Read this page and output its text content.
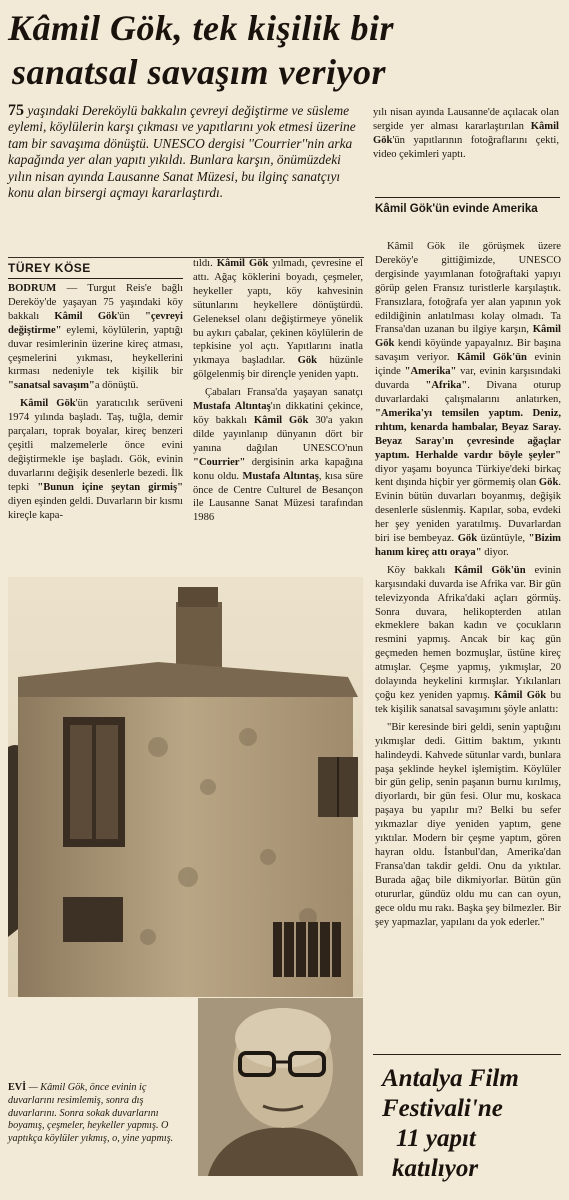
Kâmil Gök, tek kişilik bir
sanatsal savaşım veriyor

75 yaşındaki Dereköylü bakkalın çevreyi değiştirme ve süsleme eylemi, köylülerin karşı çıkması ve yapıtlarını yok etmesi üzerine tam bir savaşıma dönüştü. UNESCO dergisi ''Courrier''nin arka kapağında yer alan yapıtı yıkıldı. Bunlara karşın, önümüzdeki yılın nisan ayında Lausanne Sanat Müzesi, bu ilginç sanatçıyı konu alan birsergi açmayı kararlaştırdı.

TÜREY KÖSE

BODRUM — Turgut Reis'e bağlı Dereköy'de yaşayan 75 yaşındaki köy bakkalı Kâmil Gök'ün "çevreyi değiştirme" eylemi, köylülerin, yaptığı duvar resimlerinin üzerine kireç atması, çeşmelerini yıkması, heykellerini kırması nedeniyle tek kişilik bir "sanatsal savaşım"a dönüştü.

Kâmil Gök'ün yaratıcılık serüveni 1974 yılında başladı. Taş, tuğla, demir parçaları, toprak boyalar, kireç benzeri çeşitli malzemelerle önce evini değiştirmekle işe başladı. Gök, evinin duvarlarını değişik desenlerle bezedi. İlk tepki "Bunun içine şeytan girmiş" diyen eşinden geldi. Duvarların bir kısmı kireçle kapa-

tıldı. Kâmil Gök yılmadı, çevresine el attı. Ağaç köklerini boyadı, çeşmeler, heykeller yaptı, köy kahvesinin sütunlarını heykellere dönüştürdü. Geleneksel olanı değiştirmeye yönelik bu aykırı çabalar, çekinen köylülerin de tepkisine yol açtı. Yapıtlarını inatla yıkmaya başladılar. Gök hüzünle gölgelenmiş bir dirençle yeniden yaptı.

Çabaları Fransa'da yaşayan sanatçı Mustafa Altıntaş'ın dikkatini çekince, köy bakkalı Kâmil Gök 30'a yakın dilde yayınlanıp dünyanın dört bir yanına dağılan UNESCO'nun "Courrier" dergisinin arka kapağına konu oldu. Mustafa Altıntaş, kısa süre önce de Centre Culturel de Besançon ile Lausanne Sanat Müzesi tarafından 1986

yılı nisan ayında Lausanne'de açılacak olan sergide yer alması kararlaştırılan Kâmil Gök'ün yapıtlarının fotoğraflarını çekti, video çekimleri yaptı.

Kâmil Gök'ün evinde Amerika

Kâmil Gök ile görüşmek üzere Dereköy'e gittiğimizde, UNESCO dergisinde yayımlanan fotoğraftaki yapıyı görüp gelen Fransız turistlerle karşılaştık. Fransızlara, fotoğrafa yer alan yapının yok edildiğinin anlatılması kolay olmadı. Ta Fransa'dan uzanan bu ilgiye karşın, Kâmil Gök kendi köyünde yapayalnız. Bir başına savaşım veriyor. Kâmil Gök'ün evinin içinde "Amerika" var, evinin karşısındaki duvarda "Afrika". Divana oturup duvarlardaki çalışmalarını anlatırken, "Amerika'yı temsilen yaptım. Deniz, rıhtım, kenarda hambalar, Beyaz Saray. Beyaz Saray'ın çevresinde ağaçlar yaptım. Herhalde vardır böyle şeyler" diyor yaşamı boyunca Türkiye'deki birkaç kent dışında hiçbir yer görmemiş olan Gök. Evinin bütün duvarları boyanmış, değişik desenlerle süslenmiş. Kapılar, soba, evdeki her şey yeniden yaratılmış. Duvarlardan biri ise bembeyaz. Gök üzüntüyle, "Bizim hanım kireç attı oraya" diyor.

Köy bakkalı Kâmil Gök'ün evinin karşısındaki duvarda ise Afrika var. Bir gün televizyonda Afrika'daki açları görmüş. Sonra duvara, helikopterden atılan ekmeklere bakan kadın ve çocukların resmini yapmış. Ancak bir kaç gün geçmeden hemen bozmuşlar, üstüne kireç atmışlar. Çeşme yapmış, yıkmışlar, 20 dolayında heykelini kırmışlar. Yıkılanları çoğu kez yeniden yapmış. Kâmil Gök bu tek kişilik sanatsal savaşımını şöyle anlattı:

"Bir keresinde biri geldi, senin yaptığını yıkmışlar dedi. Gittim baktım, yıkıntı halindeydi. Kahvede sütunlar vardı, bunlara paşa şeklinde heykel işlemiştim. Köylüler bir gün gelip, senin paşanın burnu kırılmış, diyorlardı, bir gün fesi. Olur mu, koskaca paşaya bu yapılır mı? Belki bu sefer yıkmazlar diye yeniden yaptım, gene yıktılar. Modern bir çeşme yaptım, gören hayran oldu. İstanbul'dan, Amerika'dan Fransa'dan takdir geldi. Onu da yıktılar. Burada ağaç bile dikmiyorlar. Bütün gün otururlar, gündüz oldu mu can can oyun, gece oldu mu rakı. Başka şey bilmezler. Bir şey yapmazlar, yapılanı da yok ederler."

EVİ — Kâmil Gök, önce evinin iç duvarlarını resimlemiş, sonra dış duvarlarını. Sonra sokak duvarlarını boyamış, çeşmeler, heykeller yapmış. O yaptıkça köylüler yıkmış, o, yine yapmış.
Antalya Film
Festivali'ne
11 yapıt
katılıyor
